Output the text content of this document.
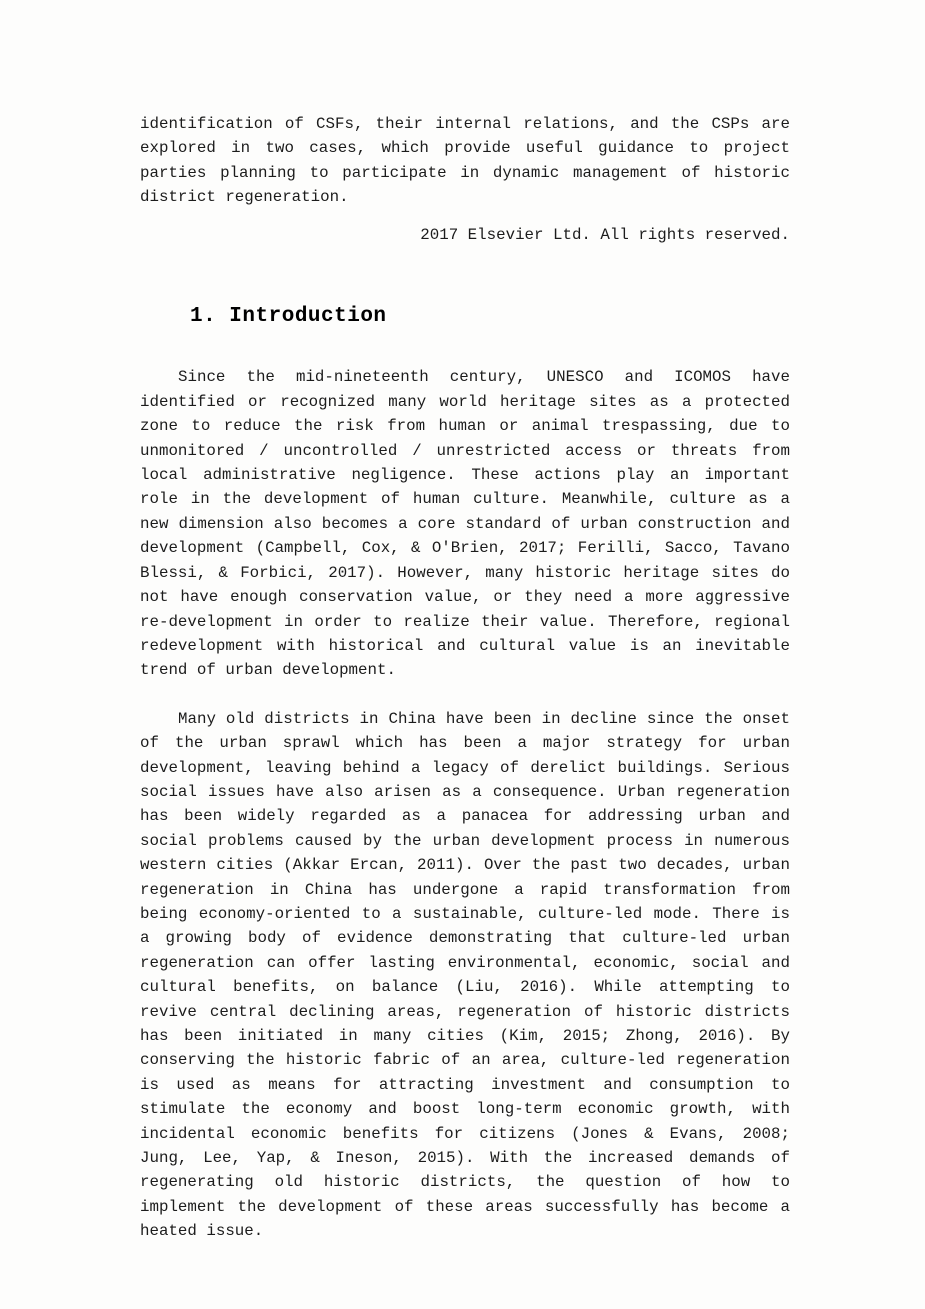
identification of CSFs, their internal relations, and the CSPs are explored in two cases, which provide useful guidance to project parties planning to participate in dynamic management of historic district regeneration.

2017 Elsevier Ltd. All rights reserved.

1. Introduction

Since the mid-nineteenth century, UNESCO and ICOMOS have identified or recognized many world heritage sites as a protected zone to reduce the risk from human or animal trespassing, due to unmonitored / uncontrolled / unrestricted access or threats from local administrative negligence. These actions play an important role in the development of human culture. Meanwhile, culture as a new dimension also becomes a core standard of urban construction and development (Campbell, Cox, & O'Brien, 2017; Ferilli, Sacco, Tavano Blessi, & Forbici, 2017). However, many historic heritage sites do not have enough conservation value, or they need a more aggressive re-development in order to realize their value. Therefore, regional redevelopment with historical and cultural value is an inevitable trend of urban development.

Many old districts in China have been in decline since the onset of the urban sprawl which has been a major strategy for urban development, leaving behind a legacy of derelict buildings. Serious social issues have also arisen as a consequence. Urban regeneration has been widely regarded as a panacea for addressing urban and social problems caused by the urban development process in numerous western cities (Akkar Ercan, 2011). Over the past two decades, urban regeneration in China has undergone a rapid transformation from being economy-oriented to a sustainable, culture-led mode. There is a growing body of evidence demonstrating that culture-led urban regeneration can offer lasting environmental, economic, social and cultural benefits, on balance (Liu, 2016). While attempting to revive central declining areas, regeneration of historic districts has been initiated in many cities (Kim, 2015; Zhong, 2016). By conserving the historic fabric of an area, culture-led regeneration is used as means for attracting investment and consumption to stimulate the economy and boost long-term economic growth, with incidental economic benefits for citizens (Jones & Evans, 2008; Jung, Lee, Yap, & Ineson, 2015). With the increased demands of regenerating old historic districts, the question of how to implement the development of these areas successfully has become a heated issue.
